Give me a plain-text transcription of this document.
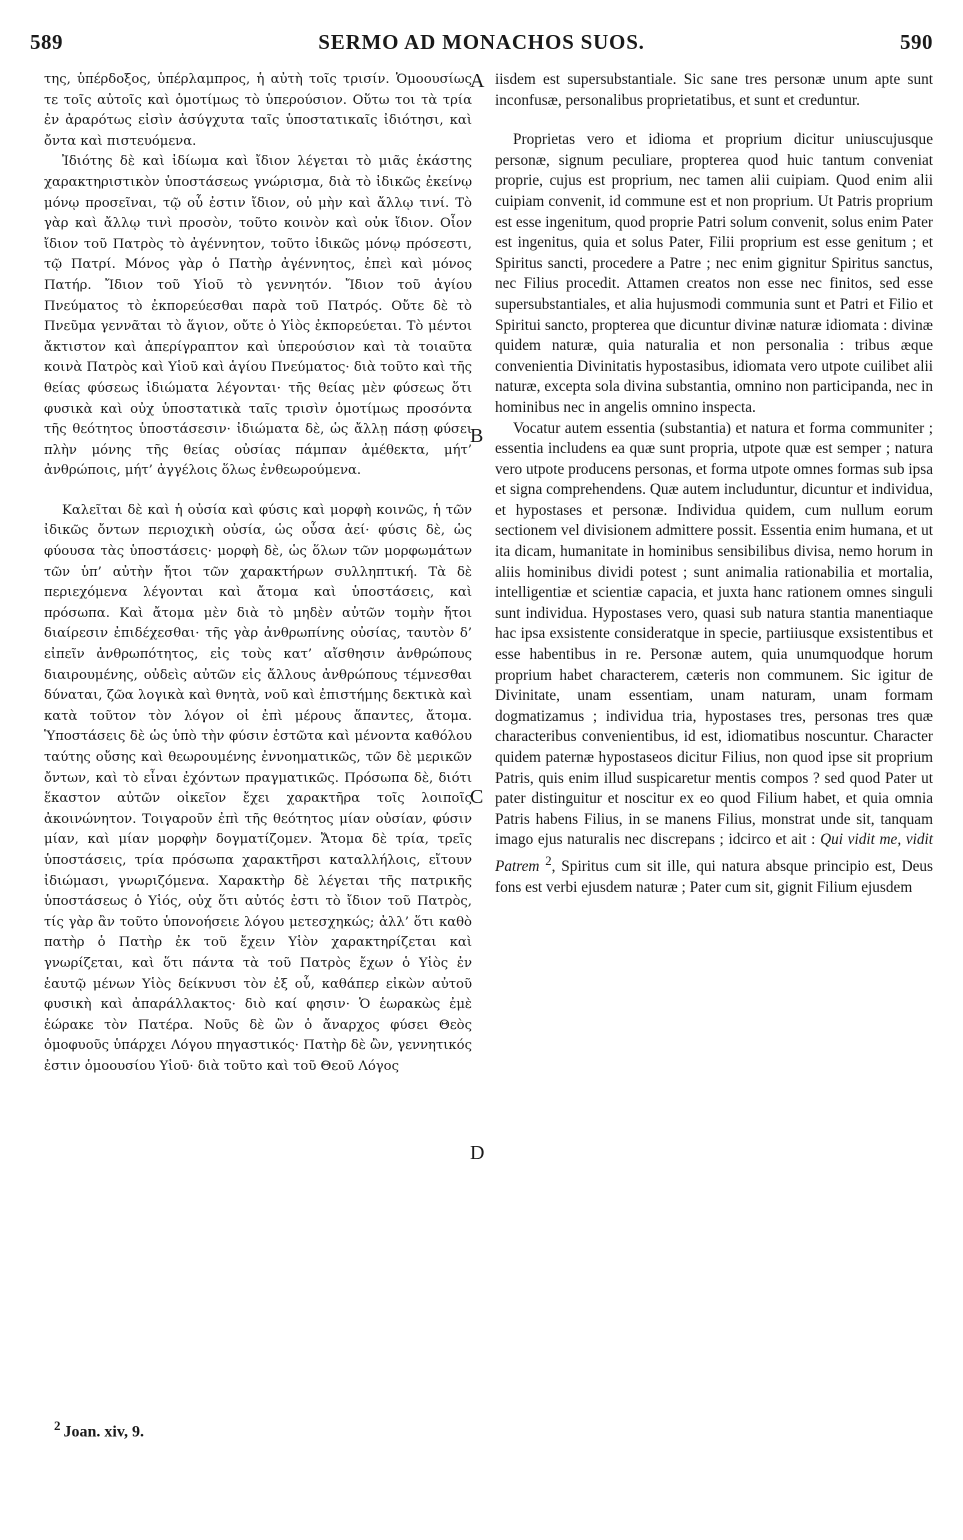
589	SERMO AD MONACHOS SUOS.	590

της, ὑπέρδοξος, ὑπέρλαμπρος, ἡ αὐτὴ τοῖς τρισίν. Ὁμοουσίως τε τοῖς αὐτοῖς καὶ ὁμοτίμως τὸ ὑπερούσιον. Οὕτω τοι τὰ τρία ἐν ἀραρότως εἰσὶν ἀσύγχυτα ταῖς ὑποστατικαῖς ἰδιότησι, καὶ ὄντα καὶ πιστευόμενα.

Ἰδιότης δὲ καὶ ἰδίωμα καὶ ἴδιον λέγεται τὸ μιᾶς ἑκάστης χαρακτηριστικὸν ὑποστάσεως γνώρισμα, διὰ τὸ ἰδικῶς ἐκείνῳ μόνῳ προσεῖναι, τῷ οὗ ἐστιν ἴδιον, οὐ μὴν καὶ ἄλλῳ τινί. Τὸ γὰρ καὶ ἄλλῳ τινὶ προσὸν, τοῦτο κοινὸν καὶ οὐκ ἴδιον. Οἷον ἴδιον τοῦ Πατρὸς τὸ ἀγέννητον, τοῦτο ἰδικῶς μόνῳ πρόσεστι, τῷ Πατρί. Μόνος γὰρ ὁ Πατὴρ ἀγέννητος, ἐπεὶ καὶ μόνος Πατήρ. Ἴδιον τοῦ Υἱοῦ τὸ γεννητόν. Ἴδιον τοῦ ἁγίου Πνεύματος τὸ ἐκπορεύεσθαι παρὰ τοῦ Πατρός. Οὔτε δὲ τὸ Πνεῦμα γεννᾶται τὸ ἅγιον, οὔτε ὁ Υἱὸς ἐκπορεύεται. Τὸ μέντοι ἄκτιστον καὶ ἀπερίγραπτον καὶ ὑπερούσιον καὶ τὰ τοιαῦτα κοινὰ Πατρὸς καὶ Υἱοῦ καὶ ἁγίου Πνεύματος· διὰ τοῦτο καὶ τῆς θείας φύσεως ἰδιώματα λέγονται· τῆς θείας μὲν φύσεως ὅτι φυσικὰ καὶ οὐχ ὑποστατικὰ ταῖς τρισὶν ὁμοτίμως προσόντα τῆς θεότητος ὑποστάσεσιν· ἰδιώματα δὲ, ὡς ἄλλῃ πάσῃ φύσει πλὴν μόνης τῆς θείας οὐσίας πάμπαν ἀμέθεκτα, μήτ’ ἀνθρώποις, μήτ’ ἀγγέλοις ὅλως ἐνθεωρούμενα.

Καλεῖται δὲ καὶ ἡ οὐσία καὶ φύσις καὶ μορφὴ κοινῶς, ἡ τῶν ἰδικῶς ὄντων περιοχικὴ οὐσία, ὡς οὖσα ἀεί· φύσις δὲ, ὡς φύουσα τὰς ὑποστάσεις· μορφὴ δὲ, ὡς ὅλων τῶν μορφωμάτων τῶν ὑπ’ αὐτὴν ἤτοι τῶν χαρακτήρων συλληπτική. Τὰ δὲ περιεχόμενα λέγονται καὶ ἄτομα καὶ ὑποστάσεις, καὶ πρόσωπα. Καὶ ἄτομα μὲν διὰ τὸ μηδὲν αὐτῶν τομὴν ἤτοι διαίρεσιν ἐπιδέχεσθαι· τῆς γὰρ ἀνθρωπίνης οὐσίας, ταυτὸν δ’ εἰπεῖν ἀνθρωπότητος, εἰς τοὺς κατ’ αἴσθησιν ἀνθρώπους διαιρουμένης, οὐδεὶς αὐτῶν εἰς ἄλλους ἀνθρώπους τέμνεσθαι δύναται, ζῶα λογικὰ καὶ θνητὰ, νοῦ καὶ ἐπιστήμης δεκτικὰ καὶ κατὰ τοῦτον τὸν λόγον οἱ ἐπὶ μέρους ἅπαντες, ἄτομα. Ὑποστάσεις δὲ ὡς ὑπὸ τὴν φύσιν ἑστῶτα καὶ μένοντα καθόλου ταύτης οὔσης καὶ θεωρουμένης ἐννοηματικῶς, τῶν δὲ μερικῶν ὄντων, καὶ τὸ εἶναι ἐχόντων πραγματικῶς. Πρόσωπα δὲ, διότι ἕκαστον αὐτῶν οἰκεῖον ἔχει χαρακτῆρα τοῖς λοιποῖς ἀκοινώνητον. Τοιγαροῦν ἐπὶ τῆς θεότητος μίαν οὐσίαν, φύσιν μίαν, καὶ μίαν μορφὴν δογματίζομεν. Ἄτομα δὲ τρία, τρεῖς ὑποστάσεις, τρία πρόσωπα χαρακτῆρσι καταλλήλοις, εἴτουν ἰδιώμασι, γνωριζόμενα. Χαρακτὴρ δὲ λέγεται τῆς πατρικῆς ὑποστάσεως ὁ Υἱός, οὐχ ὅτι αὐτός ἐστι τὸ ἴδιον τοῦ Πατρὸς, τίς γὰρ ἂν τοῦτο ὑπονοήσειε λόγου μετεσχηκώς; ἀλλ’ ὅτι καθὸ πατὴρ ὁ Πατὴρ ἐκ τοῦ ἔχειν Υἱὸν χαρακτηρίζεται καὶ γνωρίζεται, καὶ ὅτι πάντα τὰ τοῦ Πατρὸς ἔχων ὁ Υἱὸς ἐν ἑαυτῷ μένων Υἱὸς δείκνυσι τὸν ἐξ οὗ, καθάπερ εἰκὼν αὐτοῦ φυσικὴ καὶ ἀπαράλλακτος· διὸ καί φησιν· Ὁ ἑωρακὼς ἐμὲ ἑώρακε τὸν Πατέρα. Νοῦς δὲ ὢν ὁ ἄναρχος φύσει Θεὸς ὁμοφυοῦς ὑπάρχει Λόγου πηγαστικός· Πατὴρ δὲ ὢν, γεννητικός ἐστιν ὁμοουσίου Υἱοῦ· διὰ τοῦτο καὶ τοῦ Θεοῦ Λόγος

A
B
C
D

iisdem est supersubstantiale. Sic sane tres personæ unum apte sunt inconfusæ, personalibus proprietatibus, et sunt et creduntur.

Proprietas vero et idioma et proprium dicitur uniuscujusque personæ, signum peculiare, propterea quod huic tantum conveniat proprie, cujus est proprium, nec tamen alii cuipiam. Quod enim alii cuipiam convenit, id commune est et non proprium. Ut Patris proprium est esse ingenitum, quod proprie Patri solum convenit, solus enim Pater est ingenitus, quia et solus Pater, Filii proprium est esse genitum ; et Spiritus sancti, procedere a Patre ; nec enim gignitur Spiritus sanctus, nec Filius procedit. Attamen creatos non esse nec finitos, sed esse supersubstantiales, et alia hujusmodi communia sunt et Patri et Filio et Spiritui sancto, propterea que dicuntur divinæ naturæ idiomata : divinæ quidem naturæ, quia naturalia et non personalia : tribus æque convenientia Divinitatis hypostasibus, idiomata vero utpote cuilibet alii naturæ, excepta sola divina substantia, omnino non participanda, nec in hominibus nec in angelis omnino inspecta.

Vocatur autem essentia (substantia) et natura et forma communiter ; essentia includens ea quæ sunt propria, utpote quæ est semper ; natura vero utpote producens personas, et forma utpote omnes formas sub ipsa et signa comprehendens. Quæ autem includuntur, dicuntur et individua, et hypostases et personæ. Individua quidem, cum nullum eorum sectionem vel divisionem admittere possit. Essentia enim humana, et ut ita dicam, humanitate in hominibus sensibilibus divisa, nemo horum in aliis hominibus dividi potest ; sunt animalia rationabilia et mortalia, intelligentiæ et scientiæ capacia, et juxta hanc rationem omnes singuli sunt individua. Hypostases vero, quasi sub natura stantia manentiaque hac ipsa exsistente consideratque in specie, partiiusque exsistentibus et esse habentibus in re. Personæ autem, quia unumquodque horum proprium habet characterem, cæteris non communem. Sic igitur de Divinitate, unam essentiam, unam naturam, unam formam dogmatizamus ; individua tria, hypostases tres, personas tres quæ characteribus convenientibus, id est, idiomatibus noscuntur. Character quidem paternæ hypostaseos dicitur Filius, non quod ipse sit proprium Patris, quis enim illud suspicaretur mentis compos ? sed quod Pater ut pater distinguitur et noscitur ex eo quod Filium habet, et quia omnia Patris habens Filius, in se manens Filius, monstrat unde sit, tanquam imago ejus naturalis nec discrepans ; idcirco et ait : Qui vidit me, vidit Patrem $^2$, Spiritus cum sit ille, qui natura absque principio est, Deus fons est verbi ejusdem naturæ ; Pater cum sit, gignit Filium ejusdem

$^2$ Joan. xiv, 9.
